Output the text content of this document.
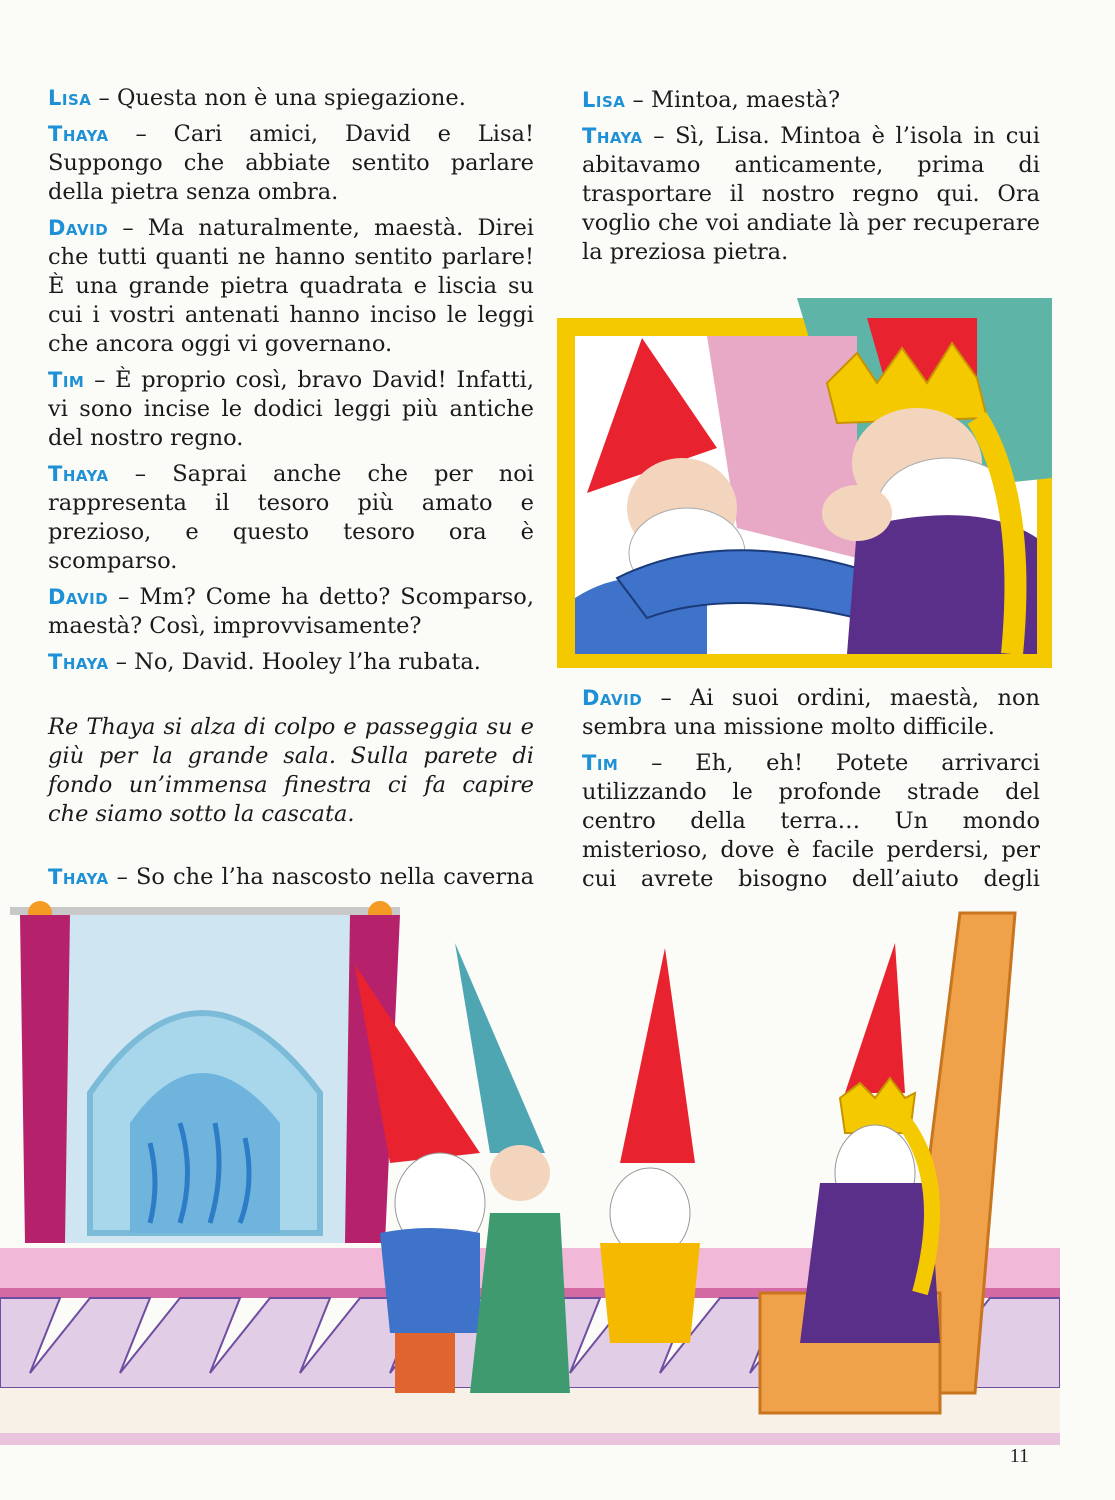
Lisa – Questa non è una spiegazione.

Thaya – Cari amici, David e Lisa! Suppongo che abbiate sentito parlare della pietra senza ombra.

David – Ma naturalmente, maestà. Direi che tutti quanti ne hanno sentito parlare! È una grande pietra quadrata e liscia su cui i vostri antenati hanno inciso le leggi che ancora oggi vi governano.

Tim – È proprio così, bravo David! Infatti, vi sono incise le dodici leggi più antiche del nostro regno.

Thaya – Saprai anche che per noi rappresenta il tesoro più amato e prezioso, e questo tesoro ora è scomparso.

David – Mm? Come ha detto? Scomparso, maestà? Così, improvvisamente?

Thaya – No, David. Hooley l’ha rubata.

Re Thaya si alza di colpo e passeggia su e giù per la grande sala. Sulla parete di fondo un’immensa finestra ci fa capire che siamo sotto la cascata.

Thaya – So che l’ha nascosto nella caverna

Lisa – Mintoa, maestà?

Thaya – Sì, Lisa. Mintoa è l’isola in cui abitavamo anticamente, prima di trasportare il nostro regno qui. Ora voglio che voi andiate là per recuperare la preziosa pietra.

David – Ai suoi ordini, maestà, non sembra una missione molto difficile.

Tim – Eh, eh! Potete arrivarci utilizzando le profonde strade del centro della terra… Un mondo misterioso, dove è facile perdersi, per cui avrete bisogno dell’aiuto degli

11
